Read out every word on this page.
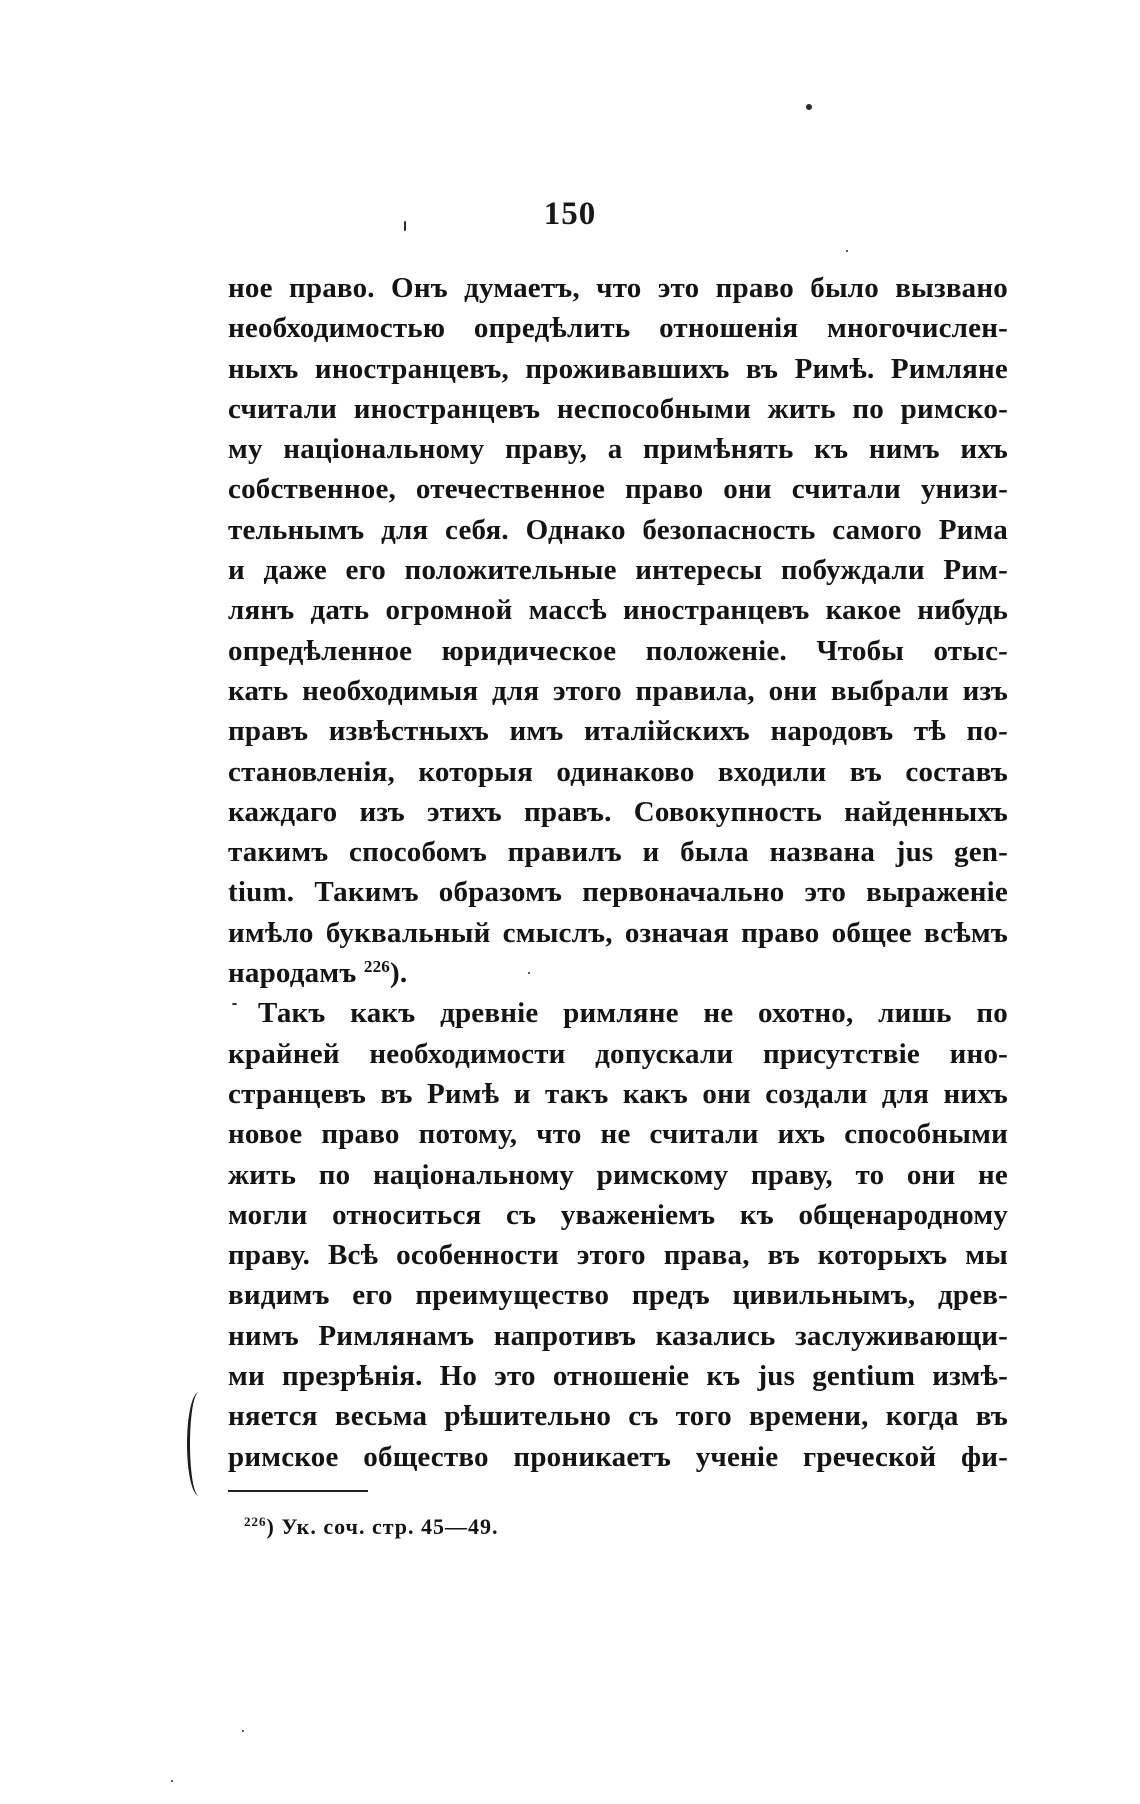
150
ное право. Онъ думаетъ, что это право было вызвано
необходимостью опредѣлить отношенія многочислен-
ныхъ иностранцевъ, проживавшихъ въ Римѣ. Римляне
считали иностранцевъ неспособными жить по римско-
му національному праву, а примѣнять къ нимъ ихъ
собственное, отечественное право они считали унизи-
тельнымъ для себя. Однако безопасность самого Рима
и даже его положительные интересы побуждали Рим-
лянъ дать огромной массѣ иностранцевъ какое нибудь
опредѣленное юридическое положеніе. Чтобы отыс-
кать необходимыя для этого правила, они выбрали изъ
правъ извѣстныхъ имъ италійскихъ народовъ тѣ по-
становленія, которыя одинаково входили въ составъ
каждаго изъ этихъ правъ. Совокупность найденныхъ
такимъ способомъ правилъ и была названа jus gen-
tium. Такимъ образомъ первоначально это выраженіе
имѣло буквальный смыслъ, означая право общее всѣмъ
народамъ $^{226}$).
Такъ какъ древніе римляне не охотно, лишь по
крайней необходимости допускали присутствіе ино-
странцевъ въ Римѣ и такъ какъ они создали для нихъ
новое право потому, что не считали ихъ способными
жить по національному римскому праву, то они не
могли относиться съ уваженіемъ къ общенародному
праву. Всѣ особенности этого права, въ которыхъ мы
видимъ его преимущество предъ цивильнымъ, древ-
нимъ Римлянамъ напротивъ казались заслуживающи-
ми презрѣнія. Но это отношеніе къ jus gentium измѣ-
няется весьма рѣшительно съ того времени, когда въ
римское общество проникаетъ ученіе греческой фи-
$^{226}$) Ук. соч. стр. 45—49.
